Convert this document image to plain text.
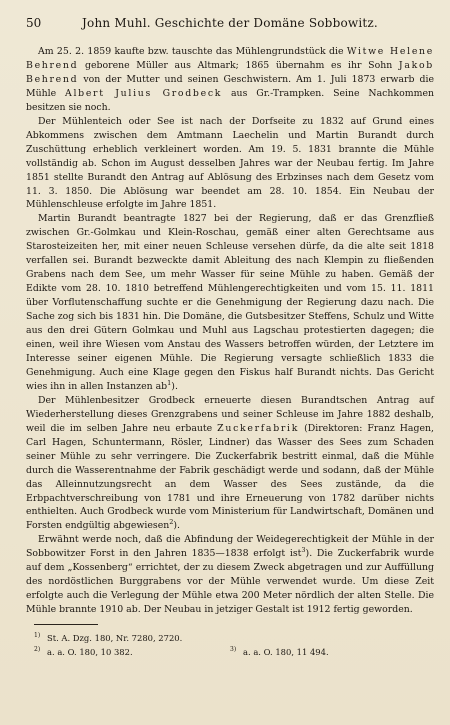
50	John Muhl. Geschichte der Domäne Sobbowitz.

Am 25. 2. 1859 kaufte bzw. tauschte das Mühlengrundstück die Witwe Helene Behrend geborene Müller aus Altmark; 1865 übernahm es ihr Sohn Jakob Behrend von der Mutter und seinen Geschwistern. Am 1. Juli 1873 erwarb die Mühle Albert Julius Grodbeck aus Gr.-Trampken. Seine Nachkommen besitzen sie noch.

Der Mühlenteich oder See ist nach der Dorfseite zu 1832 auf Grund eines Abkommens zwischen dem Amtmann Laechelin und Martin Burandt durch Zuschüttung erheblich verkleinert worden. Am 19. 5. 1831 brannte die Mühle vollständig ab. Schon im August desselben Jahres war der Neubau fertig. Im Jahre 1851 stellte Burandt den Antrag auf Ablösung des Erbzinses nach dem Gesetz vom 11. 3. 1850. Die Ablösung war beendet am 28. 10. 1854. Ein Neubau der Mühlenschleuse erfolgte im Jahre 1851.

Martin Burandt beantragte 1827 bei der Regierung, daß er das Grenzfließ zwischen Gr.-Golmkau und Klein-Roschau, gemäß einer alten Gerechtsame aus Starosteizeiten her, mit einer neuen Schleuse versehen dürfe, da die alte seit 1818 verfallen sei. Burandt bezweckte damit Ableitung des nach Klempin zu fließenden Grabens nach dem See, um mehr Wasser für seine Mühle zu haben. Gemäß der Edikte vom 28. 10. 1810 betreffend Mühlengerechtigkeiten und vom 15. 11. 1811 über Vorflutenschaffung suchte er die Genehmigung der Regierung dazu nach. Die Sache zog sich bis 1831 hin. Die Domäne, die Gutsbesitzer Steffens, Schulz und Witte aus den drei Gütern Golmkau und Muhl aus Lagschau protestierten dagegen; die einen, weil ihre Wiesen vom Anstau des Wassers betroffen würden, der Letztere im Interesse seiner eigenen Mühle. Die Regierung versagte schließlich 1833 die Genehmigung. Auch eine Klage gegen den Fiskus half Burandt nichts. Das Gericht wies ihn in allen Instanzen ab$^1$).

Der Mühlenbesitzer Grodbeck erneuerte diesen Burandtschen Antrag auf Wiederherstellung dieses Grenzgrabens und seiner Schleuse im Jahre 1882 deshalb, weil die im selben Jahre neu erbaute Zuckerfabrik (Direktoren: Franz Hagen, Carl Hagen, Schuntermann, Rösler, Lindner) das Wasser des Sees zum Schaden seiner Mühle zu sehr verringere. Die Zuckerfabrik bestritt einmal, daß die Mühle durch die Wasserentnahme der Fabrik geschädigt werde und sodann, daß der Mühle das Alleinnutzungsrecht an dem Wasser des Sees zustände, da die Erbpachtverschreibung von 1781 und ihre Erneuerung von 1782 darüber nichts enthielten. Auch Grodbeck wurde vom Ministerium für Landwirtschaft, Domänen und Forsten endgültig abgewiesen$^2$).

Erwähnt werde noch, daß die Abfindung der Weidegerechtigkeit der Mühle in der Sobbowitzer Forst in den Jahren 1835—1838 erfolgt ist$^3$). Die Zuckerfabrik wurde auf dem „Kossenberg“ errichtet, der zu diesem Zweck abgetragen und zur Auffüllung des nordöstlichen Burggrabens vor der Mühle verwendet wurde. Um diese Zeit erfolgte auch die Verlegung der Mühle etwa 200 Meter nördlich der alten Stelle. Die Mühle brannte 1910 ab. Der Neubau in jetziger Gestalt ist 1912 fertig geworden.

1) St. A. Dzg. 180, Nr. 7280, 2720.
2) a. a. O. 180, 10 382.	3) a. a. O. 180, 11 494.
